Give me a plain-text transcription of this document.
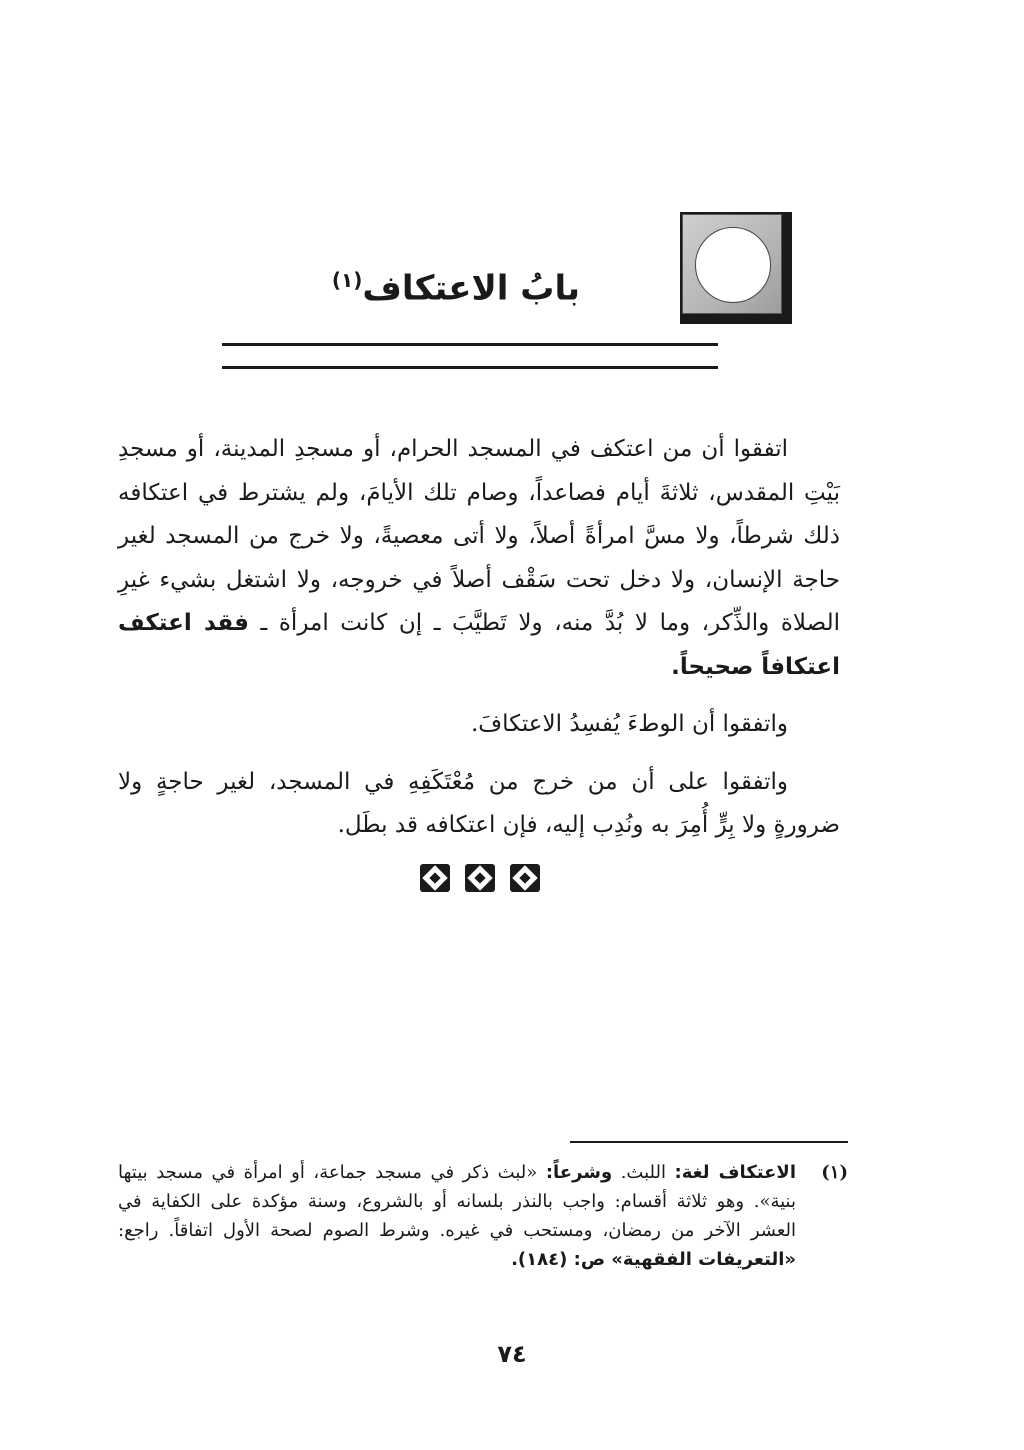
بابُ الاعتكاف$^{(١)}$

اتفقوا أن من اعتكف في المسجد الحرام، أو مسجدِ المدينة، أو مسجدِ بَيْتِ المقدس، ثلاثةَ أيام فصاعداً، وصام تلك الأيامَ، ولم يشترط في اعتكافه ذلك شرطاً، ولا مسَّ امرأةً أصلاً، ولا أتى معصيةً، ولا خرج من المسجد لغير حاجة الإنسان، ولا دخل تحت سَقْف أصلاً في خروجه، ولا اشتغل بشيء غيرِ الصلاة والذِّكر، وما لا بُدَّ منه، ولا تَطيَّبَ ـ إن كانت امرأة ـ فقد اعتكف اعتكافاً صحيحاً.

واتفقوا أن الوطءَ يُفسِدُ الاعتكافَ.

واتفقوا على أن من خرج من مُعْتَكَفِهِ في المسجد، لغير حاجةٍ ولا ضرورةٍ ولا بِرٍّ أُمِرَ به ونُدِب إليه، فإن اعتكافه قد بطَل.

(١)
الاعتكاف لغة: اللبث. وشرعاً: «لبث ذكر في مسجد جماعة، أو امرأة في مسجد بيتها بنية». وهو ثلاثة أقسام: واجب بالنذر بلسانه أو بالشروع، وسنة مؤكدة على الكفاية في العشر الآخر من رمضان، ومستحب في غيره. وشرط الصوم لصحة الأول اتفاقاً. راجع: «التعريفات الفقهية» ص: (١٨٤).
٧٤
